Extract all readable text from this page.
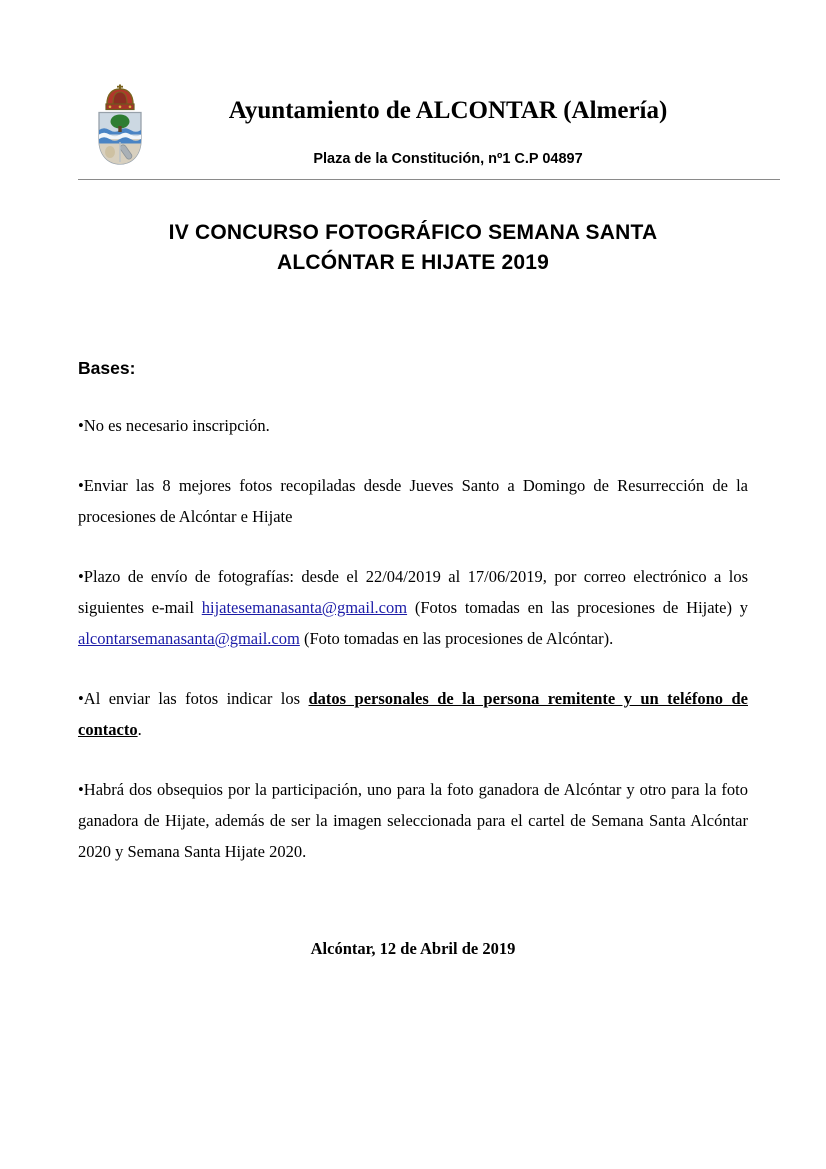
Ayuntamiento de ALCONTAR (Almería)
Plaza de la Constitución, nº1 C.P 04897
IV CONCURSO FOTOGRÁFICO SEMANA SANTA
ALCÓNTAR E HIJATE 2019
Bases:

•No es necesario inscripción.

•Enviar las 8 mejores fotos recopiladas desde Jueves Santo a Domingo de Resurrección de la procesiones de Alcóntar e Hijate

•Plazo de envío de fotografías: desde el 22/04/2019 al 17/06/2019, por correo electrónico a los siguientes e-mail hijatesemanasanta@gmail.com (Fotos tomadas en las procesiones de Hijate) y alcontarsemanasanta@gmail.com (Foto tomadas en las procesiones de Alcóntar).

•Al enviar las fotos indicar los datos personales de la persona remitente y un teléfono de contacto.

•Habrá dos obsequios por la participación, uno para la foto ganadora de Alcóntar y otro para la foto ganadora de Hijate, además de ser la imagen seleccionada para el cartel de Semana Santa Alcóntar 2020 y Semana Santa Hijate 2020.

Alcóntar, 12 de Abril de 2019
